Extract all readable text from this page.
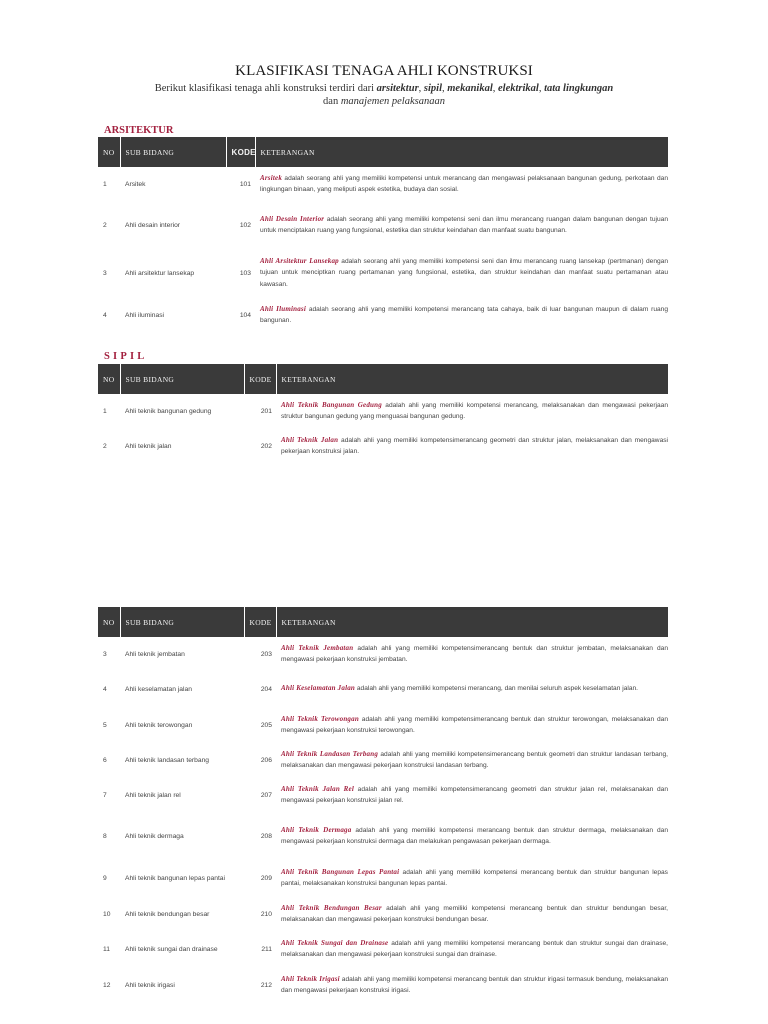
KLASIFIKASI TENAGA AHLI KONSTRUKSI
Berikut klasifikasi tenaga ahli konstruksi terdiri dari arsitektur, sipil, mekanikal, elektrikal, tata lingkungan
dan manajemen pelaksanaan
ARSITEKTUR
NO	SUB BIDANG	KODE	KETERANGAN
1	Arsitek	101	Arsitek adalah seorang ahli yang memiliki kompetensi untuk merancang dan mengawasi pelaksanaan bangunan gedung, perkotaan dan lingkungan binaan, yang meliputi aspek estetika, budaya dan sosial.
2	Ahli desain interior	102	Ahli Desain Interior adalah seorang ahli yang memiliki kompetensi seni dan ilmu merancang ruangan dalam bangunan dengan tujuan untuk menciptakan ruang yang fungsional, estetika dan struktur keindahan dan manfaat suatu bangunan.
3	Ahli arsitektur lansekap	103	Ahli Arsitektur Lansekap adalah seorang ahli yang memiliki kompetensi seni dan ilmu merancang ruang lansekap (pertmanan) dengan tujuan untuk menciptkan ruang pertamanan yang fungsional, estetika, dan struktur keindahan dan manfaat suatu pertamanan atau kawasan.
4	Ahli iluminasi	104	Ahli Iluminasi adalah seorang ahli yang memiliki kompetensi merancang tata cahaya, baik di luar bangunan maupun di dalam ruang bangunan.
SIPIL
NO	SUB BIDANG	KODE	KETERANGAN
1	Ahli teknik bangunan gedung	201	Ahli Teknik Bangunan Gedung adalah ahli yang memiliki kompetensi merancang, melaksanakan dan mengawasi pekerjaan struktur bangunan gedung yang menguasai bangunan gedung.
2	Ahli teknik jalan	202	Ahli Teknik Jalan adalah ahli yang memiliki kompetensimerancang geometri dan struktur jalan, melaksanakan dan mengawasi pekerjaan konstruksi jalan.
NO	SUB BIDANG	KODE	KETERANGAN
3	Ahli teknik jembatan	203	Ahli Teknik Jembatan adalah ahli yang memiliki kompetensimerancang bentuk dan struktur jembatan, melaksanakan dan mengawasi pekerjaan konstruksi jembatan.
4	Ahli keselamatan jalan	204	Ahli Keselamatan Jalan adalah ahli yang memiliki kompetensi merancang, dan menilai seluruh aspek keselamatan jalan.
5	Ahli teknik terowongan	205	Ahli Teknik Terowongan adalah ahli yang memiliki kompetensimerancang bentuk dan struktur terowongan, melaksanakan dan mengawasi pekerjaan konstruksi terowongan.
6	Ahli teknik landasan terbang	206	Ahli Teknik Landasan Terbang adalah ahli yang memiliki kompetensimerancang bentuk geometri dan struktur landasan terbang, melaksanakan dan mengawasi pekerjaan konstruksi landasan terbang.
7	Ahli teknik jalan rel	207	Ahli Teknik Jalan Rel adalah ahli yang memiliki kompetensimerancang geometri dan struktur jalan rel, melaksanakan dan mengawasi pekerjaan konstruksi jalan rel.
8	Ahli teknik dermaga	208	Ahli Teknik Dermaga adalah ahli yang memiliki kompetensi merancang bentuk dan struktur dermaga, melaksanakan dan mengawasi pekerjaan konstruksi dermaga dan melakukan pengawasan pekerjaan dermaga.
9	Ahli teknik bangunan lepas pantai	209	Ahli Teknik Bangunan Lepas Pantai adalah ahli yang memiliki kompetensi merancang bentuk dan struktur bangunan lepas pantai, melaksanakan konstruksi bangunan lepas pantai.
10	Ahli teknik bendungan besar	210	Ahli Teknik Bendungan Besar adalah ahli yang memiliki kompetensi merancang bentuk dan struktur bendungan besar, melaksanakan dan mengawasi pekerjaan konstruksi bendungan besar.
11	Ahli teknik sungai dan drainase	211	Ahli Teknik Sungai dan Drainase adalah ahli yang memiliki kompetensi merancang bentuk dan struktur sungai dan drainase, melaksanakan dan mengawasi pekerjaan konstruksi sungai dan drainase.
12	Ahli teknik irigasi	212	Ahli Teknik Irigasi adalah ahli yang memiliki kompetensi merancang bentuk dan struktur irigasi termasuk bendung, melaksanakan dan mengawasi pekerjaan konstruksi irigasi.
